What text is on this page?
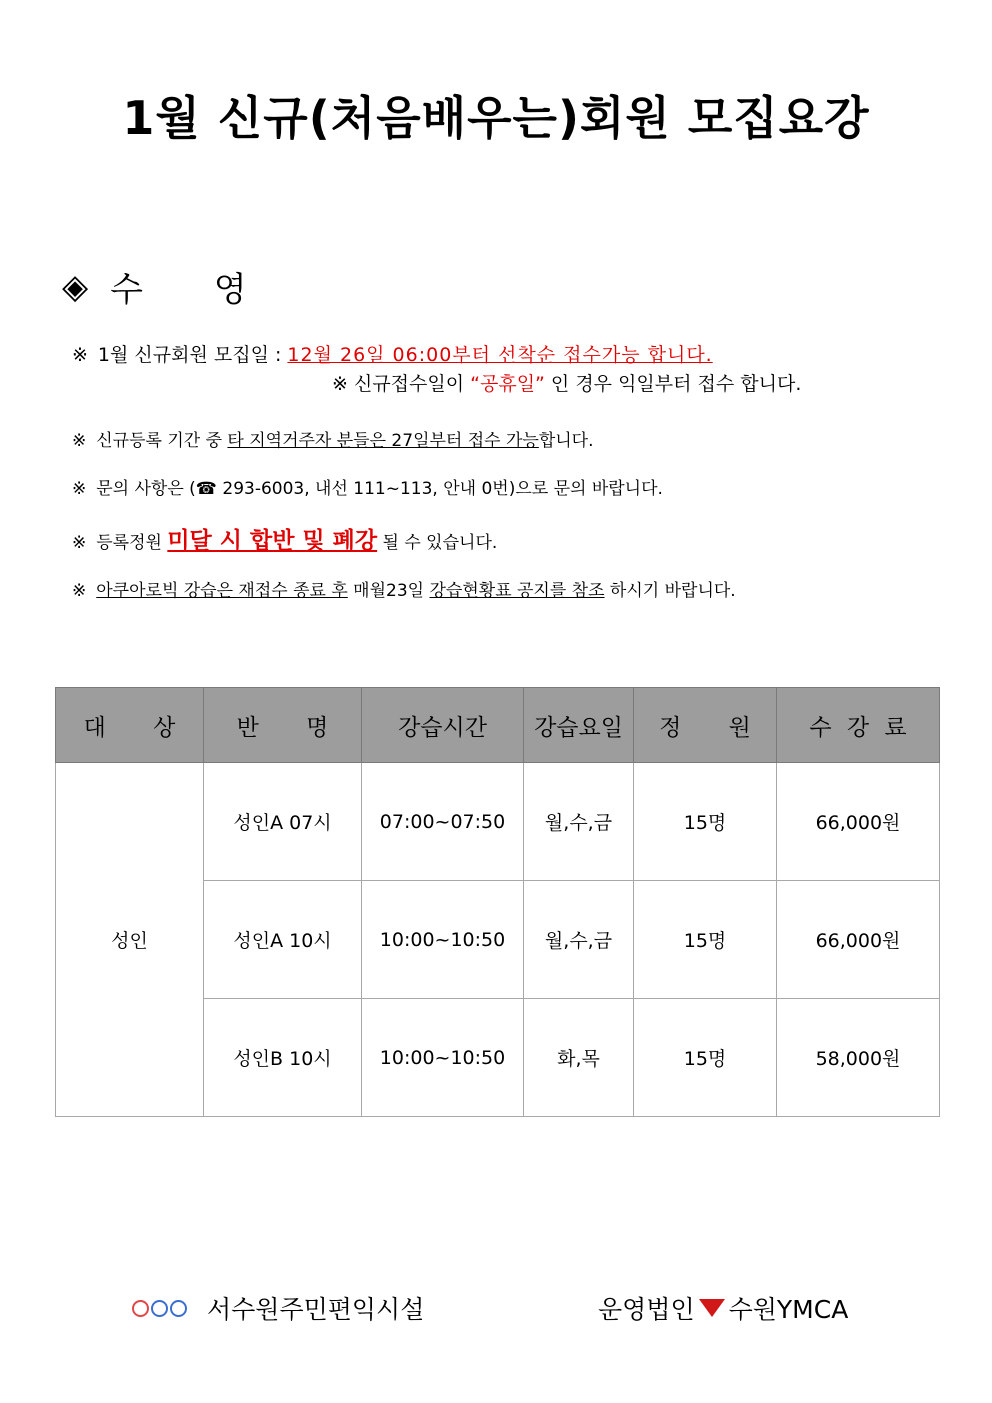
1월 신규(처음배우는)회원 모집요강
◈ 수 영
※ 1월 신규회원 모집일 : 12월 26일 06:00부터 선착순 접수가능 합니다.
※ 신규접수일이 “공휴일” 인 경우 익일부터 접수 합니다.
※ 신규등록 기간 중 타 지역거주자 분들은 27일부터 접수 가능합니다.
※ 문의 사항은 (☎ 293-6003, 내선 111~113, 안내 0번)으로 문의 바랍니다.
※ 등록정원 미달 시 합반 및 폐강 될 수 있습니다.
※ 아쿠아로빅 강습은 재접수 종료 후 매월23일 강습현황표 공지를 참조 하시기 바랍니다.
대 상	반 명	강습시간	강습요일	정 원	수 강 료
성인	성인A 07시	07:00~07:50	월,수,금	15명	66,000원
	성인A 10시	10:00~10:50	월,수,금	15명	66,000원
	성인B 10시	10:00~10:50	화,목	15명	58,000원
서수원주민편익시설	운영법인 수원YMCA
